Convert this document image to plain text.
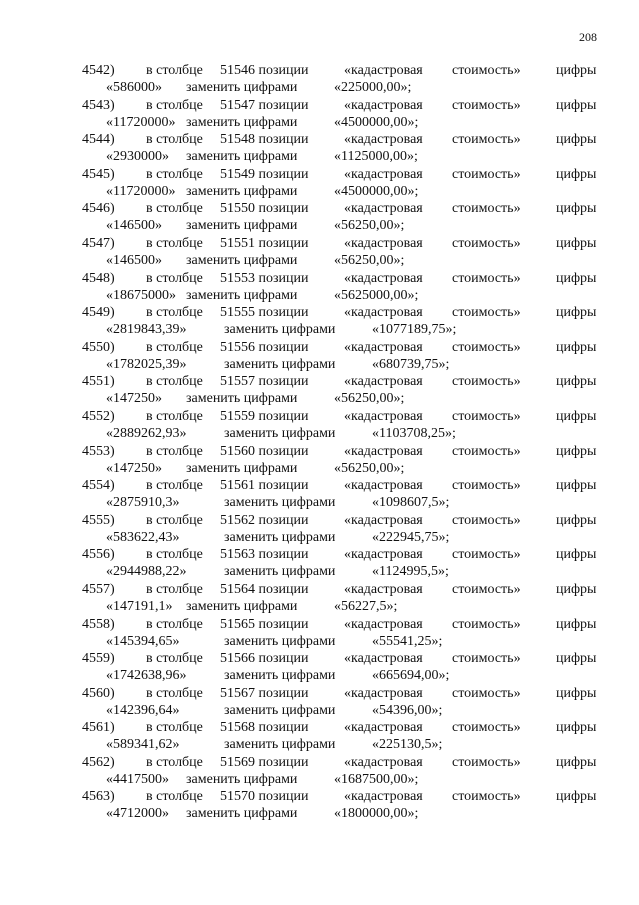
208
4542) в столбце 51546 позиции	«кадастровая стоимость»	цифры
«586000» заменить цифрами	«225000,00»;
4543) в столбце 51547 позиции	«кадастровая стоимость»	цифры
«11720000» заменить цифрами	«4500000,00»;
4544) в столбце 51548 позиции	«кадастровая стоимость»	цифры
«2930000» заменить цифрами	«1125000,00»;
4545) в столбце 51549 позиции	«кадастровая стоимость»	цифры
«11720000» заменить цифрами	«4500000,00»;
4546) в столбце 51550 позиции	«кадастровая стоимость»	цифры
«146500» заменить цифрами	«56250,00»;
4547) в столбце 51551 позиции	«кадастровая стоимость»	цифры
«146500» заменить цифрами	«56250,00»;
4548) в столбце 51553 позиции	«кадастровая стоимость»	цифры
«18675000» заменить цифрами	«5625000,00»;
4549) в столбце 51555 позиции	«кадастровая стоимость»	цифры
«2819843,39»	заменить цифрами	«1077189,75»;
4550) в столбце 51556 позиции	«кадастровая стоимость»	цифры
«1782025,39»	заменить цифрами	«680739,75»;
4551) в столбце 51557 позиции	«кадастровая стоимость»	цифры
«147250» заменить цифрами	«56250,00»;
4552) в столбце 51559 позиции	«кадастровая стоимость»	цифры
«2889262,93»	заменить цифрами	«1103708,25»;
4553) в столбце 51560 позиции	«кадастровая стоимость»	цифры
«147250» заменить цифрами	«56250,00»;
4554) в столбце 51561 позиции	«кадастровая стоимость»	цифры
«2875910,3»	заменить цифрами	«1098607,5»;
4555) в столбце 51562 позиции	«кадастровая стоимость»	цифры
«583622,43»	заменить цифрами	«222945,75»;
4556) в столбце 51563 позиции	«кадастровая стоимость»	цифры
«2944988,22»	заменить цифрами	«1124995,5»;
4557) в столбце 51564 позиции	«кадастровая стоимость»	цифры
«147191,1» заменить цифрами	«56227,5»;
4558) в столбце 51565 позиции	«кадастровая стоимость»	цифры
«145394,65»	заменить цифрами	«55541,25»;
4559) в столбце 51566 позиции	«кадастровая стоимость»	цифры
«1742638,96»	заменить цифрами	«665694,00»;
4560) в столбце 51567 позиции	«кадастровая стоимость»	цифры
«142396,64»	заменить цифрами	«54396,00»;
4561) в столбце 51568 позиции	«кадастровая стоимость»	цифры
«589341,62»	заменить цифрами	«225130,5»;
4562) в столбце 51569 позиции	«кадастровая стоимость»	цифры
«4417500» заменить цифрами	«1687500,00»;
4563) в столбце 51570 позиции	«кадастровая стоимость»	цифры
«4712000» заменить цифрами	«1800000,00»;
